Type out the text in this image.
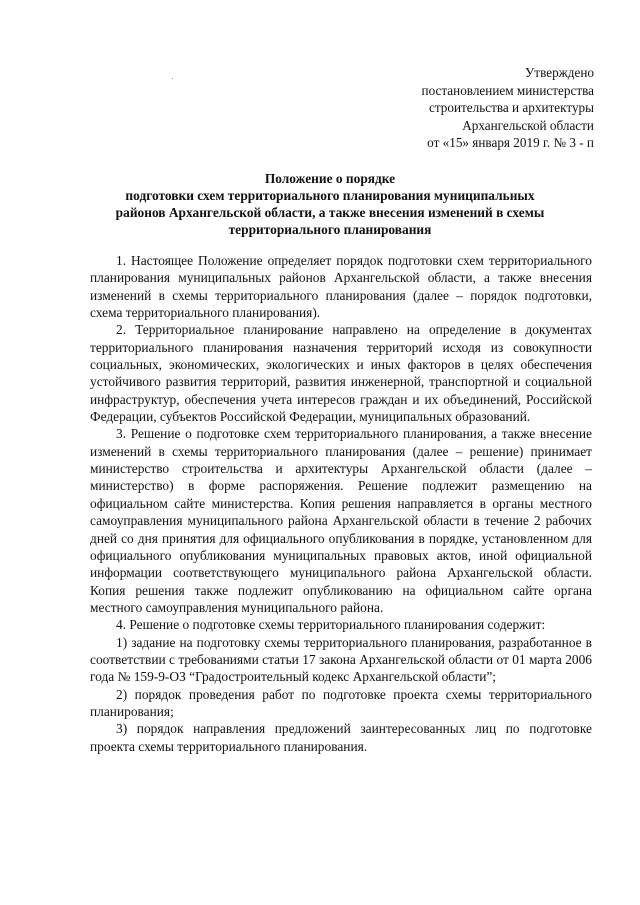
Утверждено
постановлением министерства
строительства и архитектуры
Архангельской области
от «15» января 2019 г. № 3 - п
Положение о порядке
подготовки схем территориального планирования муниципальных
районов Архангельской области, а также внесения изменений в схемы
территориального планирования

1. Настоящее Положение определяет порядок подготовки схем территориального планирования муниципальных районов Архангельской области, а также внесения изменений в схемы территориального планирования (далее – порядок подготовки, схема территориального планирования).

2. Территориальное планирование направлено на определение в документах территориального планирования назначения территорий исходя из совокупности социальных, экономических, экологических и иных факторов в целях обеспечения устойчивого развития территорий, развития инженерной, транспортной и социальной инфраструктур, обеспечения учета интересов граждан и их объединений, Российской Федерации, субъектов Российской Федерации, муниципальных образований.

3. Решение о подготовке схем территориального планирования, а также внесение изменений в схемы территориального планирования (далее – решение) принимает министерство строительства и архитектуры Архангельской области (далее – министерство) в форме распоряжения. Решение подлежит размещению на официальном сайте министерства. Копия решения направляется в органы местного самоуправления муниципального района Архангельской области в течение 2 рабочих дней со дня принятия для официального опубликования в порядке, установленном для официального опубликования муниципальных правовых актов, иной официальной информации соответствующего муниципального района Архангельской области. Копия решения также подлежит опубликованию на официальном сайте органа местного самоуправления муниципального района.

4. Решение о подготовке схемы территориального планирования содержит:

1) задание на подготовку схемы территориального планирования, разработанное в соответствии с требованиями статьи 17 закона Архангельской области от 01 марта 2006 года № 159-9-ОЗ “Градостроительный кодекс Архангельской области”;

2) порядок проведения работ по подготовке проекта схемы территориального планирования;

3) порядок направления предложений заинтересованных лиц по подготовке проекта схемы территориального планирования.
